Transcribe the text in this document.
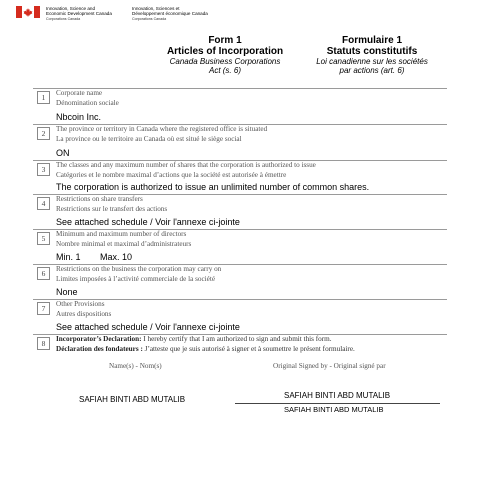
Innovation, Science and
Economic Development Canada
Corporations Canada
Innovation, Sciences et
Développement économique Canada
Corporations Canada
Form 1
Articles of Incorporation
Canada Business Corporations
Act (s. 6)
Formulaire 1
Statuts constitutifs
Loi canadienne sur les sociétés
par actions (art. 6)
1	Corporate name
Dénomination sociale
Nbcoin Inc.
2	The province or territory in Canada where the registered office is situated
La province ou le territoire au Canada où est situé le siège social
ON
3	The classes and any maximum number of shares that the corporation is authorized to issue
Catégories et le nombre maximal d’actions que la société est autorisée à émettre
The corporation is authorized to issue an unlimited number of common shares.
4	Restrictions on share transfers
Restrictions sur le transfert des actions
See attached schedule / Voir l'annexe ci-jointe
5	Minimum and maximum number of directors
Nombre minimal et maximal d’administrateurs
Min. 1 Max. 10
6	Restrictions on the business the corporation may carry on
Limites imposées à l’activité commerciale de la société
None
7	Other Provisions
Autres dispositions
See attached schedule / Voir l'annexe ci-jointe
8	Incorporator’s Declaration: I hereby certify that I am authorized to sign and submit this form.
Déclaration des fondateurs : J’atteste que je suis autorisé à signer et à soumettre le présent formulaire.
Name(s) - Nom(s)	Original Signed by - Original signé par
SAFIAH BINTI ABD MUTALIB	SAFIAH BINTI ABD MUTALIB
SAFIAH BINTI ABD MUTALIB
